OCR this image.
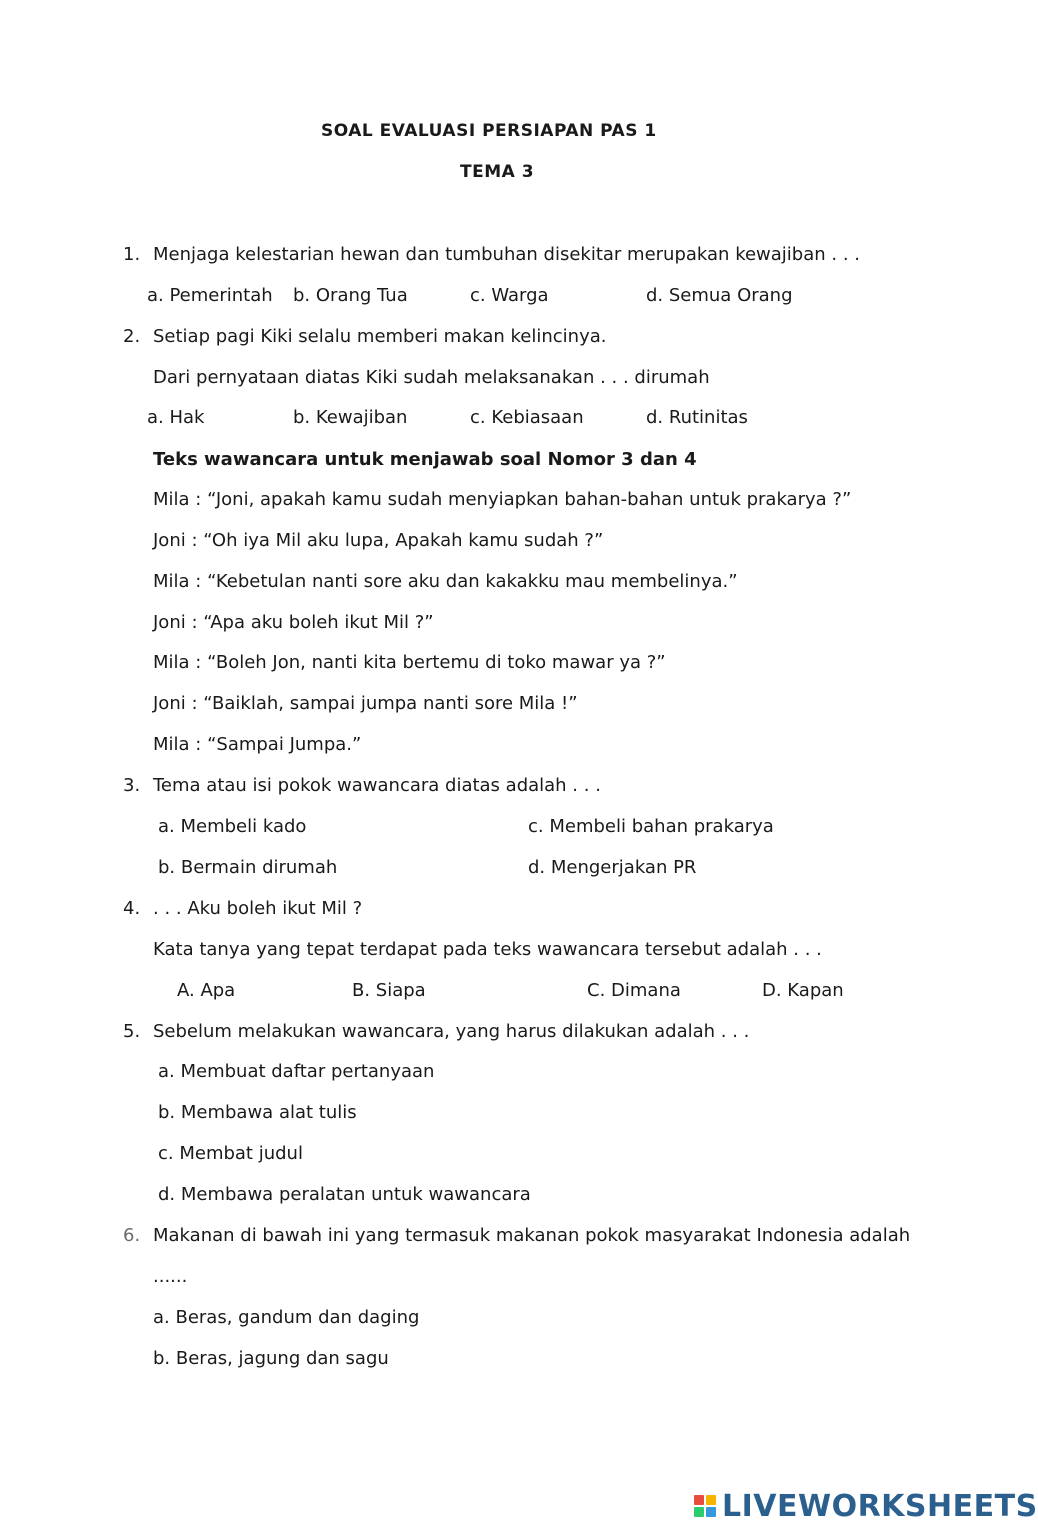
SOAL EVALUASI PERSIAPAN PAS 1
TEMA 3
1. Menjaga kelestarian hewan dan tumbuhan disekitar merupakan kewajiban . . .
a. Pemerintah b. Orang Tua	c. Warga	d. Semua Orang
2. Setiap pagi Kiki selalu memberi makan kelincinya.
Dari pernyataan diatas Kiki sudah melaksanakan . . . dirumah
a. Hak	b. Kewajiban	c. Kebiasaan	d. Rutinitas
Teks wawancara untuk menjawab soal Nomor 3 dan 4
Mila : “Joni, apakah kamu sudah menyiapkan bahan-bahan untuk prakarya ?”
Joni : “Oh iya Mil aku lupa, Apakah kamu sudah ?”
Mila : “Kebetulan nanti sore aku dan kakakku mau membelinya.”
Joni : “Apa aku boleh ikut Mil ?”
Mila : “Boleh Jon, nanti kita bertemu di toko mawar ya ?”
Joni : “Baiklah, sampai jumpa nanti sore Mila !”
Mila : “Sampai Jumpa.”
3. Tema atau isi pokok wawancara diatas adalah . . .
a. Membeli kado	c. Membeli bahan prakarya
b. Bermain dirumah	d. Mengerjakan PR
4. . . . Aku boleh ikut Mil ?
Kata tanya yang tepat terdapat pada teks wawancara tersebut adalah . . .
A. Apa	B. Siapa	C. Dimana	D. Kapan
5. Sebelum melakukan wawancara, yang harus dilakukan adalah . . .
a. Membuat daftar pertanyaan
b. Membawa alat tulis
c. Membat judul
d. Membawa peralatan untuk wawancara
6. Makanan di bawah ini yang termasuk makanan pokok masyarakat Indonesia adalah
......
a. Beras, gandum dan daging
b. Beras, jagung dan sagu
LIVEWORKSHEETS
